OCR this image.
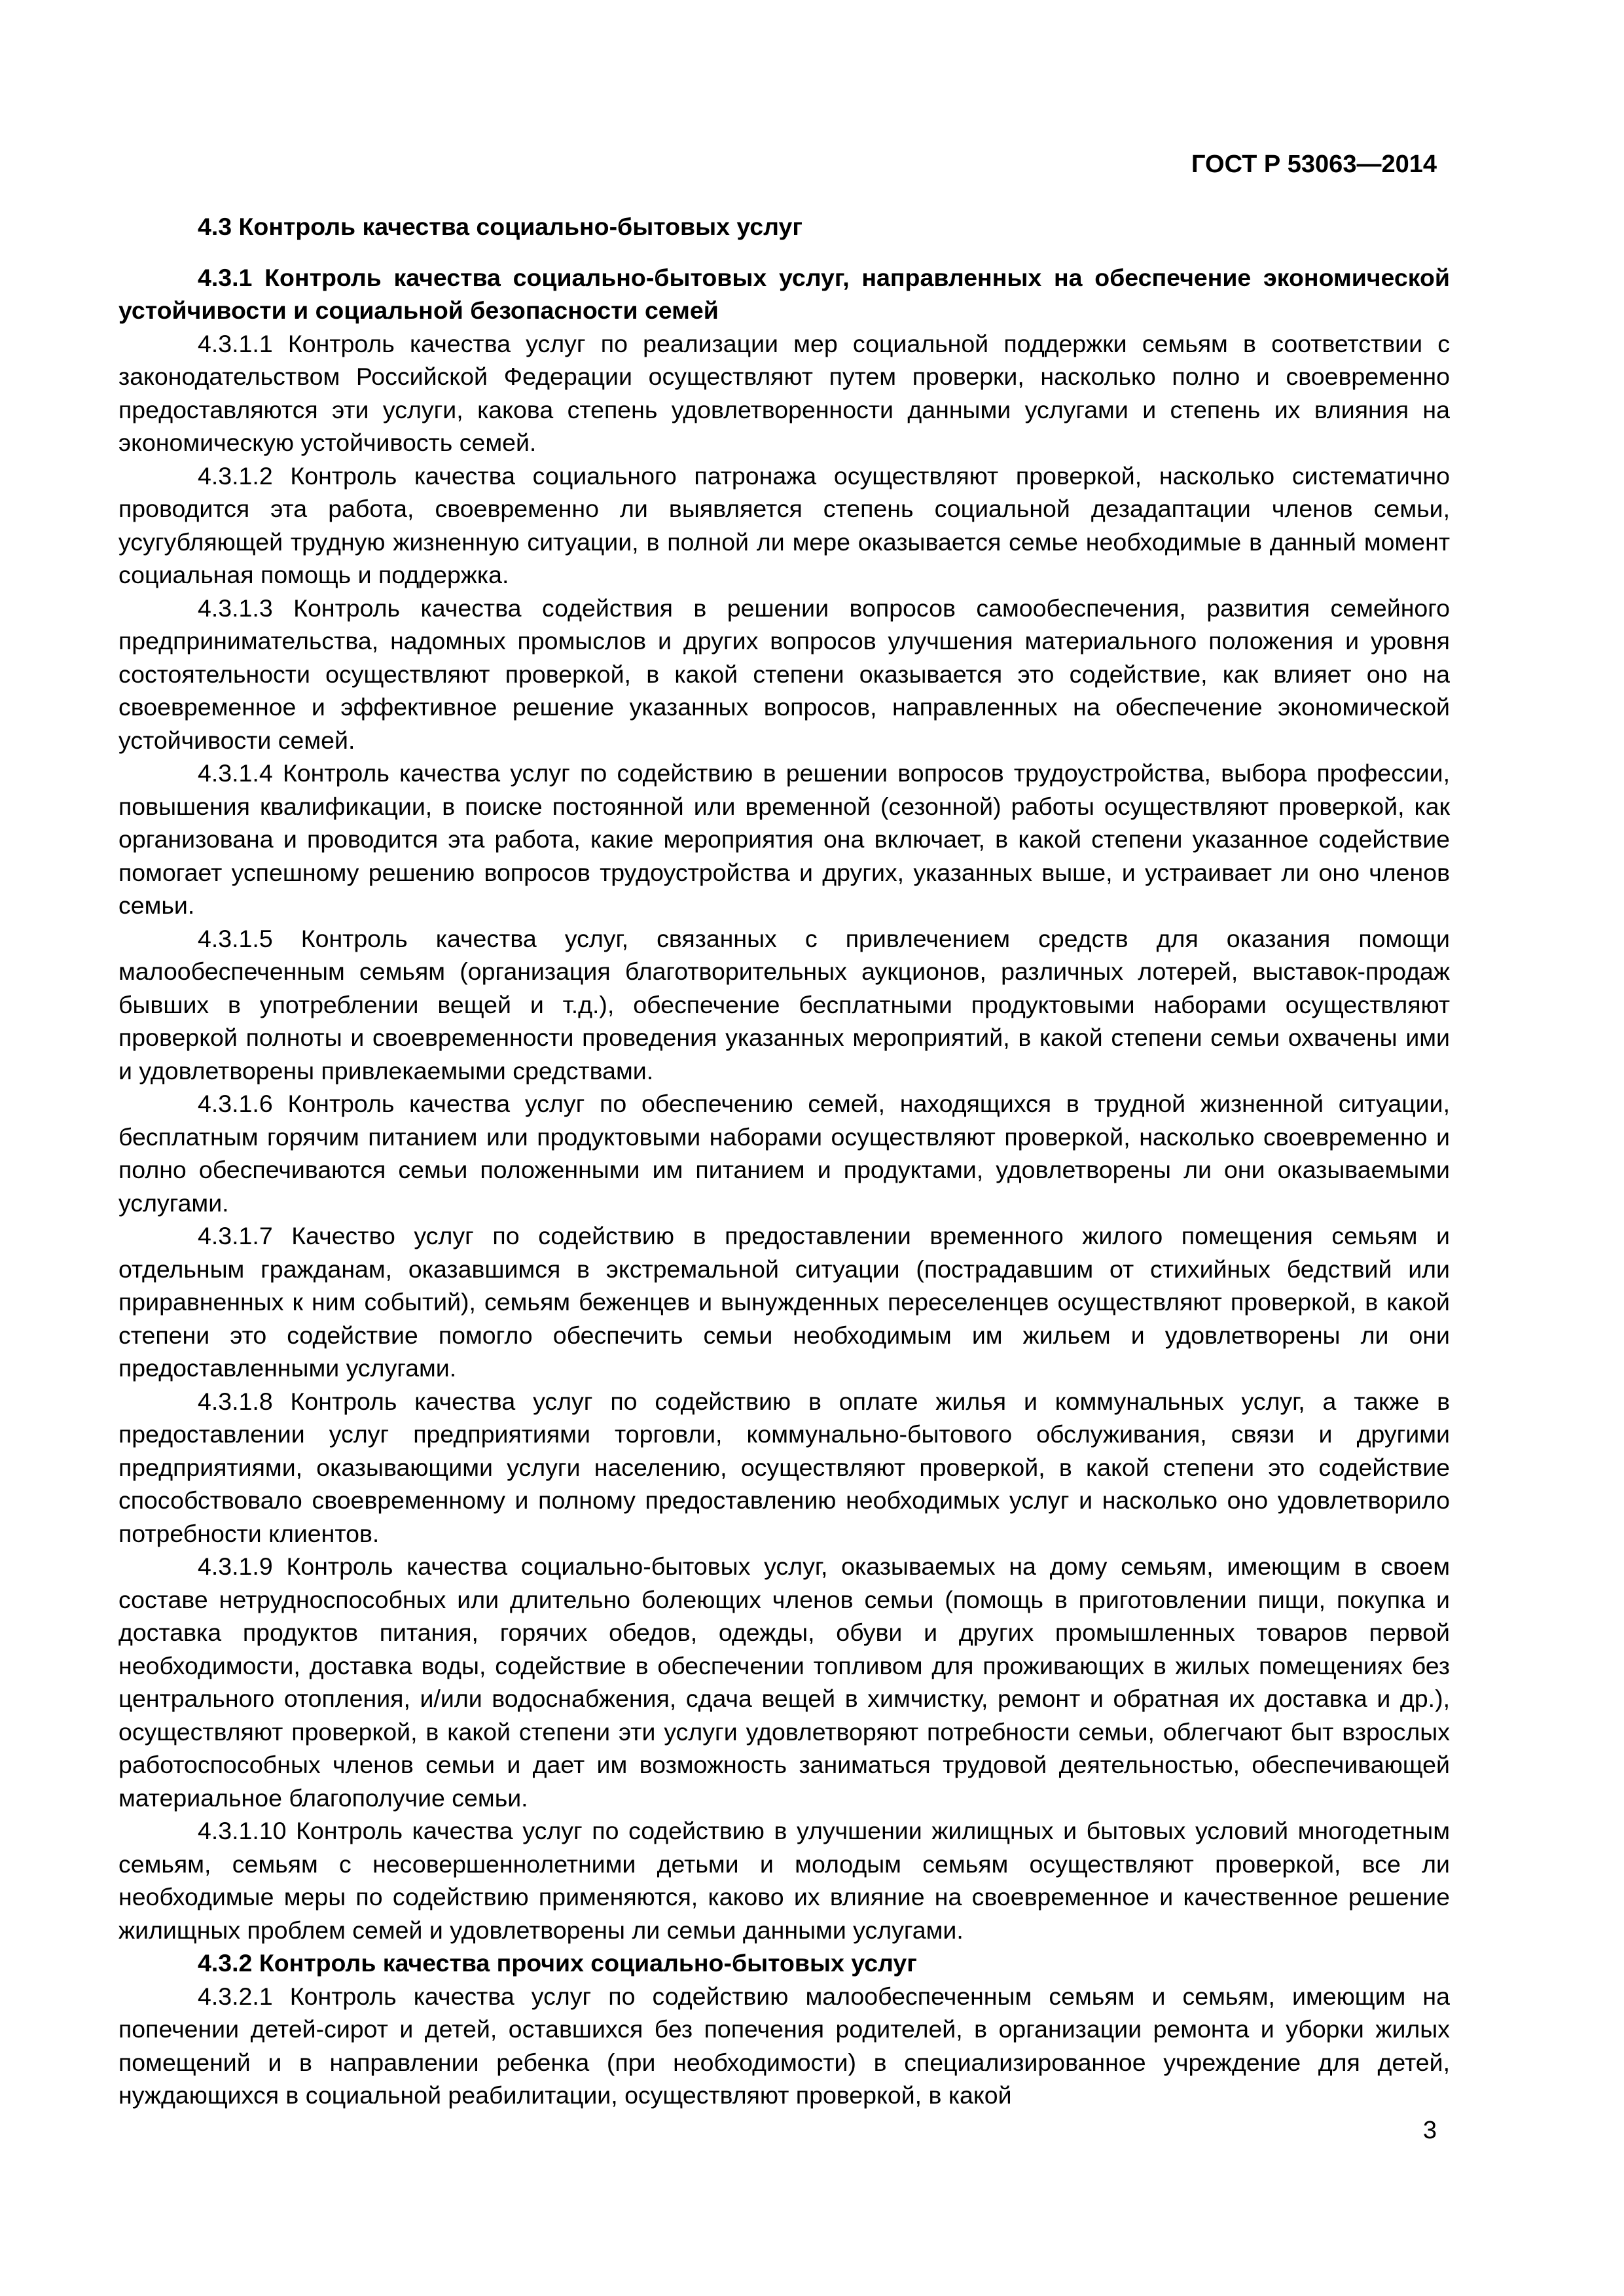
ГОСТ Р 53063—2014

4.3 Контроль качества социально-бытовых услуг

4.3.1 Контроль качества социально-бытовых услуг, направленных на обеспечение экономической устойчивости и социальной безопасности семей

4.3.1.1 Контроль качества услуг по реализации мер социальной поддержки семьям в соответствии с законодательством Российской Федерации осуществляют путем проверки, насколько полно и своевременно предоставляются эти услуги, какова степень удовлетворенности данными услугами и степень их влияния на экономическую устойчивость семей.

4.3.1.2 Контроль качества социального патронажа осуществляют проверкой, насколько систематично проводится эта работа, своевременно ли выявляется степень социальной дезадаптации членов семьи, усугубляющей трудную жизненную ситуации, в полной ли мере оказывается семье необходимые в данный момент социальная помощь и поддержка.

4.3.1.3 Контроль качества содействия в решении вопросов самообеспечения, развития семейного предпринимательства, надомных промыслов и других вопросов улучшения материального положения и уровня состоятельности осуществляют проверкой, в какой степени оказывается это содействие, как влияет оно на своевременное и эффективное решение указанных вопросов, направленных на обеспечение экономической устойчивости семей.

4.3.1.4 Контроль качества услуг по содействию в решении вопросов трудоустройства, выбора профессии, повышения квалификации, в поиске постоянной или временной (сезонной) работы осуществляют проверкой, как организована и проводится эта работа, какие мероприятия она включает, в какой степени указанное содействие помогает успешному решению вопросов трудоустройства и других, указанных выше, и устраивает ли оно членов семьи.

4.3.1.5 Контроль качества услуг, связанных с привлечением средств для оказания помощи малообеспеченным семьям (организация благотворительных аукционов, различных лотерей, выставок-продаж бывших в употреблении вещей и т.д.), обеспечение бесплатными продуктовыми наборами осуществляют проверкой полноты и своевременности проведения указанных мероприятий, в какой степени семьи охвачены ими и удовлетворены привлекаемыми средствами.

4.3.1.6 Контроль качества услуг по обеспечению семей, находящихся в трудной жизненной ситуации, бесплатным горячим питанием или продуктовыми наборами осуществляют проверкой, насколько своевременно и полно обеспечиваются семьи положенными им питанием и продуктами, удовлетворены ли они оказываемыми услугами.

4.3.1.7 Качество услуг по содействию в предоставлении временного жилого помещения семьям и отдельным гражданам, оказавшимся в экстремальной ситуации (пострадавшим от стихийных бедствий или приравненных к ним событий), семьям беженцев и вынужденных переселенцев осуществляют проверкой, в какой степени это содействие помогло обеспечить семьи необходимым им жильем и удовлетворены ли они предоставленными услугами.

4.3.1.8 Контроль качества услуг по содействию в оплате жилья и коммунальных услуг, а также в предоставлении услуг предприятиями торговли, коммунально-бытового обслуживания, связи и другими предприятиями, оказывающими услуги населению, осуществляют проверкой, в какой степени это содействие способствовало своевременному и полному предоставлению необходимых услуг и насколько оно удовлетворило потребности клиентов.

4.3.1.9 Контроль качества социально-бытовых услуг, оказываемых на дому семьям, имеющим в своем составе нетрудноспособных или длительно болеющих членов семьи (помощь в приготовлении пищи, покупка и доставка продуктов питания, горячих обедов, одежды, обуви и других промышленных товаров первой необходимости, доставка воды, содействие в обеспечении топливом для проживающих в жилых помещениях без центрального отопления, и/или водоснабжения, сдача вещей в химчистку, ремонт и обратная их доставка и др.), осуществляют проверкой, в какой степени эти услуги удовлетворяют потребности семьи, облегчают быт взрослых работоспособных членов семьи и дает им возможность заниматься трудовой деятельностью, обеспечивающей материальное благополучие семьи.

4.3.1.10 Контроль качества услуг по содействию в улучшении жилищных и бытовых условий многодетным семьям, семьям с несовершеннолетними детьми и молодым семьям осуществляют проверкой, все ли необходимые меры по содействию применяются, каково их влияние на своевременное и качественное решение жилищных проблем семей и удовлетворены ли семьи данными услугами.

4.3.2 Контроль качества прочих социально-бытовых услуг

4.3.2.1 Контроль качества услуг по содействию малообеспеченным семьям и семьям, имеющим на попечении детей-сирот и детей, оставшихся без попечения родителей, в организации ремонта и уборки жилых помещений и в направлении ребенка (при необходимости) в специализированное учреждение для детей, нуждающихся в социальной реабилитации, осуществляют проверкой, в какой

3
